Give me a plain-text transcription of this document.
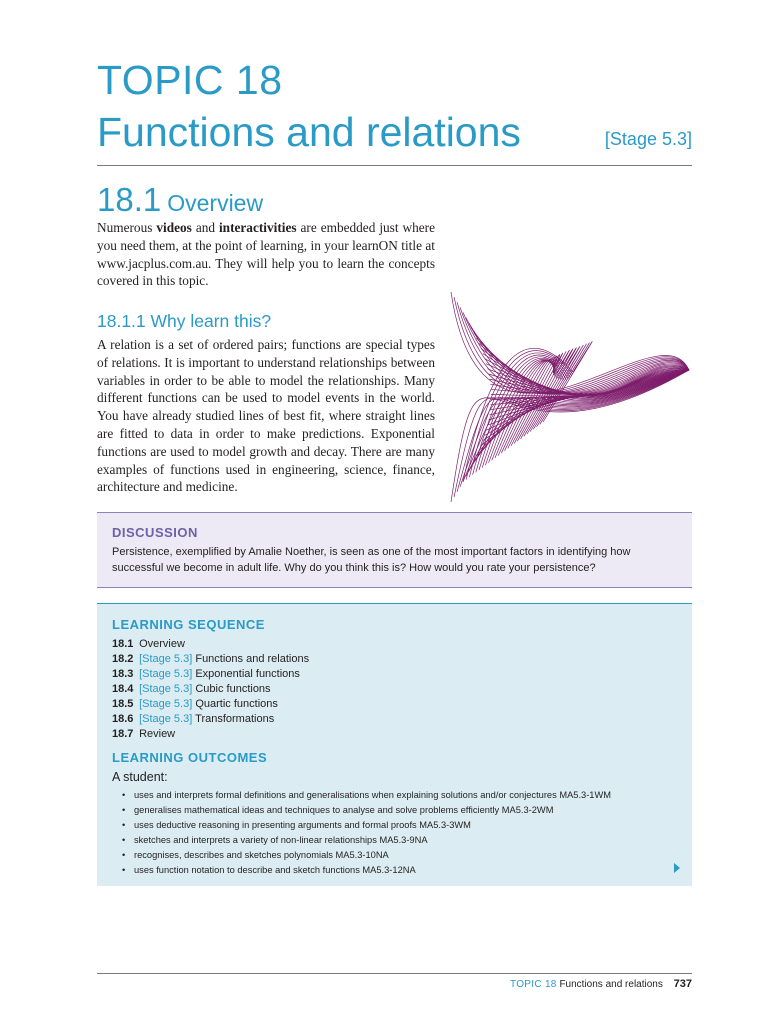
TOPIC 18
Functions and relations	[Stage 5.3]
18.1 Overview
Numerous videos and interactivities are embedded just where you need them, at the point of learning, in your learnON title at www.jacplus.com.au. They will help you to learn the concepts covered in this topic.
18.1.1 Why learn this?
A relation is a set of ordered pairs; functions are special types of relations. It is important to understand relationships between variables in order to be able to model the relationships. Many different functions can be used to model events in the world. You have already studied lines of best fit, where straight lines are fitted to data in order to make predictions. Exponential functions are used to model growth and decay. There are many examples of functions used in engineering, science, finance, architecture and medicine.
DISCUSSION
Persistence, exemplified by Amalie Noether, is seen as one of the most important factors in identifying how successful we become in adult life. Why do you think this is? How would you rate your persistence?
LEARNING SEQUENCE
18.1 Overview
18.2 [Stage 5.3] Functions and relations
18.3 [Stage 5.3] Exponential functions
18.4 [Stage 5.3] Cubic functions
18.5 [Stage 5.3] Quartic functions
18.6 [Stage 5.3] Transformations
18.7 Review
LEARNING OUTCOMES
A student:
• uses and interprets formal definitions and generalisations when explaining solutions and/or conjectures MA5.3-1WM
• generalises mathematical ideas and techniques to analyse and solve problems efficiently MA5.3-2WM
• uses deductive reasoning in presenting arguments and formal proofs MA5.3-3WM
• sketches and interprets a variety of non-linear relationships MA5.3-9NA
• recognises, describes and sketches polynomials MA5.3-10NA
• uses function notation to describe and sketch functions MA5.3-12NA
TOPIC 18 Functions and relations 737
